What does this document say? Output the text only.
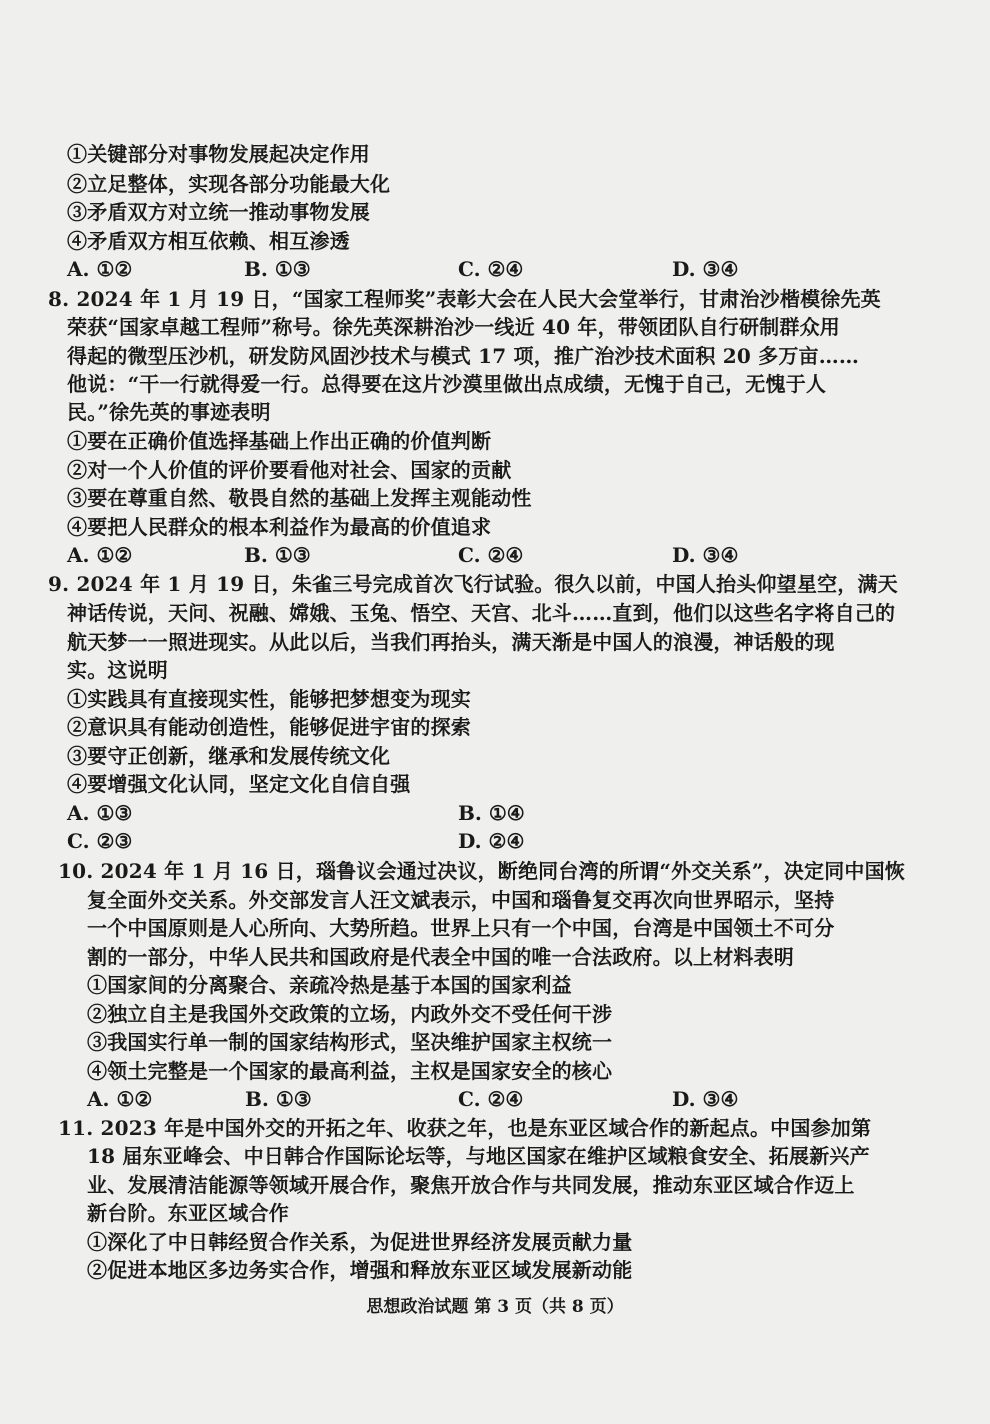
①关键部分对事物发展起决定作用
②立足整体，实现各部分功能最大化
③矛盾双方对立统一推动事物发展
④矛盾双方相互依赖、相互渗透
A. ①②	B. ①③	C. ②④	D. ③④
8. 2024 年 1 月 19 日，“国家工程师奖”表彰大会在人民大会堂举行，甘肃治沙楷模徐先英
荣获“国家卓越工程师”称号。徐先英深耕治沙一线近 40 年，带领团队自行研制群众用
得起的微型压沙机，研发防风固沙技术与模式 17 项，推广治沙技术面积 20 多万亩……
他说：“干一行就得爱一行。总得要在这片沙漠里做出点成绩，无愧于自己，无愧于人
民。”徐先英的事迹表明
①要在正确价值选择基础上作出正确的价值判断
②对一个人价值的评价要看他对社会、国家的贡献
③要在尊重自然、敬畏自然的基础上发挥主观能动性
④要把人民群众的根本利益作为最高的价值追求
A. ①②	B. ①③	C. ②④	D. ③④
9. 2024 年 1 月 19 日，朱雀三号完成首次飞行试验。很久以前，中国人抬头仰望星空，满天
神话传说，天问、祝融、嫦娥、玉兔、悟空、天宫、北斗……直到，他们以这些名字将自己的
航天梦一一照进现实。从此以后，当我们再抬头，满天渐是中国人的浪漫，神话般的现
实。这说明
①实践具有直接现实性，能够把梦想变为现实
②意识具有能动创造性，能够促进宇宙的探索
③要守正创新，继承和发展传统文化
④要增强文化认同，坚定文化自信自强
A. ①③	B. ①④
C. ②③	D. ②④
10. 2024 年 1 月 16 日，瑙鲁议会通过决议，断绝同台湾的所谓“外交关系”，决定同中国恢
复全面外交关系。外交部发言人汪文斌表示，中国和瑙鲁复交再次向世界昭示，坚持
一个中国原则是人心所向、大势所趋。世界上只有一个中国，台湾是中国领土不可分
割的一部分，中华人民共和国政府是代表全中国的唯一合法政府。以上材料表明
①国家间的分离聚合、亲疏冷热是基于本国的国家利益
②独立自主是我国外交政策的立场，内政外交不受任何干涉
③我国实行单一制的国家结构形式，坚决维护国家主权统一
④领土完整是一个国家的最高利益，主权是国家安全的核心
A. ①②	B. ①③	C. ②④	D. ③④
11. 2023 年是中国外交的开拓之年、收获之年，也是东亚区域合作的新起点。中国参加第
18 届东亚峰会、中日韩合作国际论坛等，与地区国家在维护区域粮食安全、拓展新兴产
业、发展清洁能源等领域开展合作，聚焦开放合作与共同发展，推动东亚区域合作迈上
新台阶。东亚区域合作
①深化了中日韩经贸合作关系，为促进世界经济发展贡献力量
②促进本地区多边务实合作，增强和释放东亚区域发展新动能
思想政治试题 第 3 页（共 8 页）
